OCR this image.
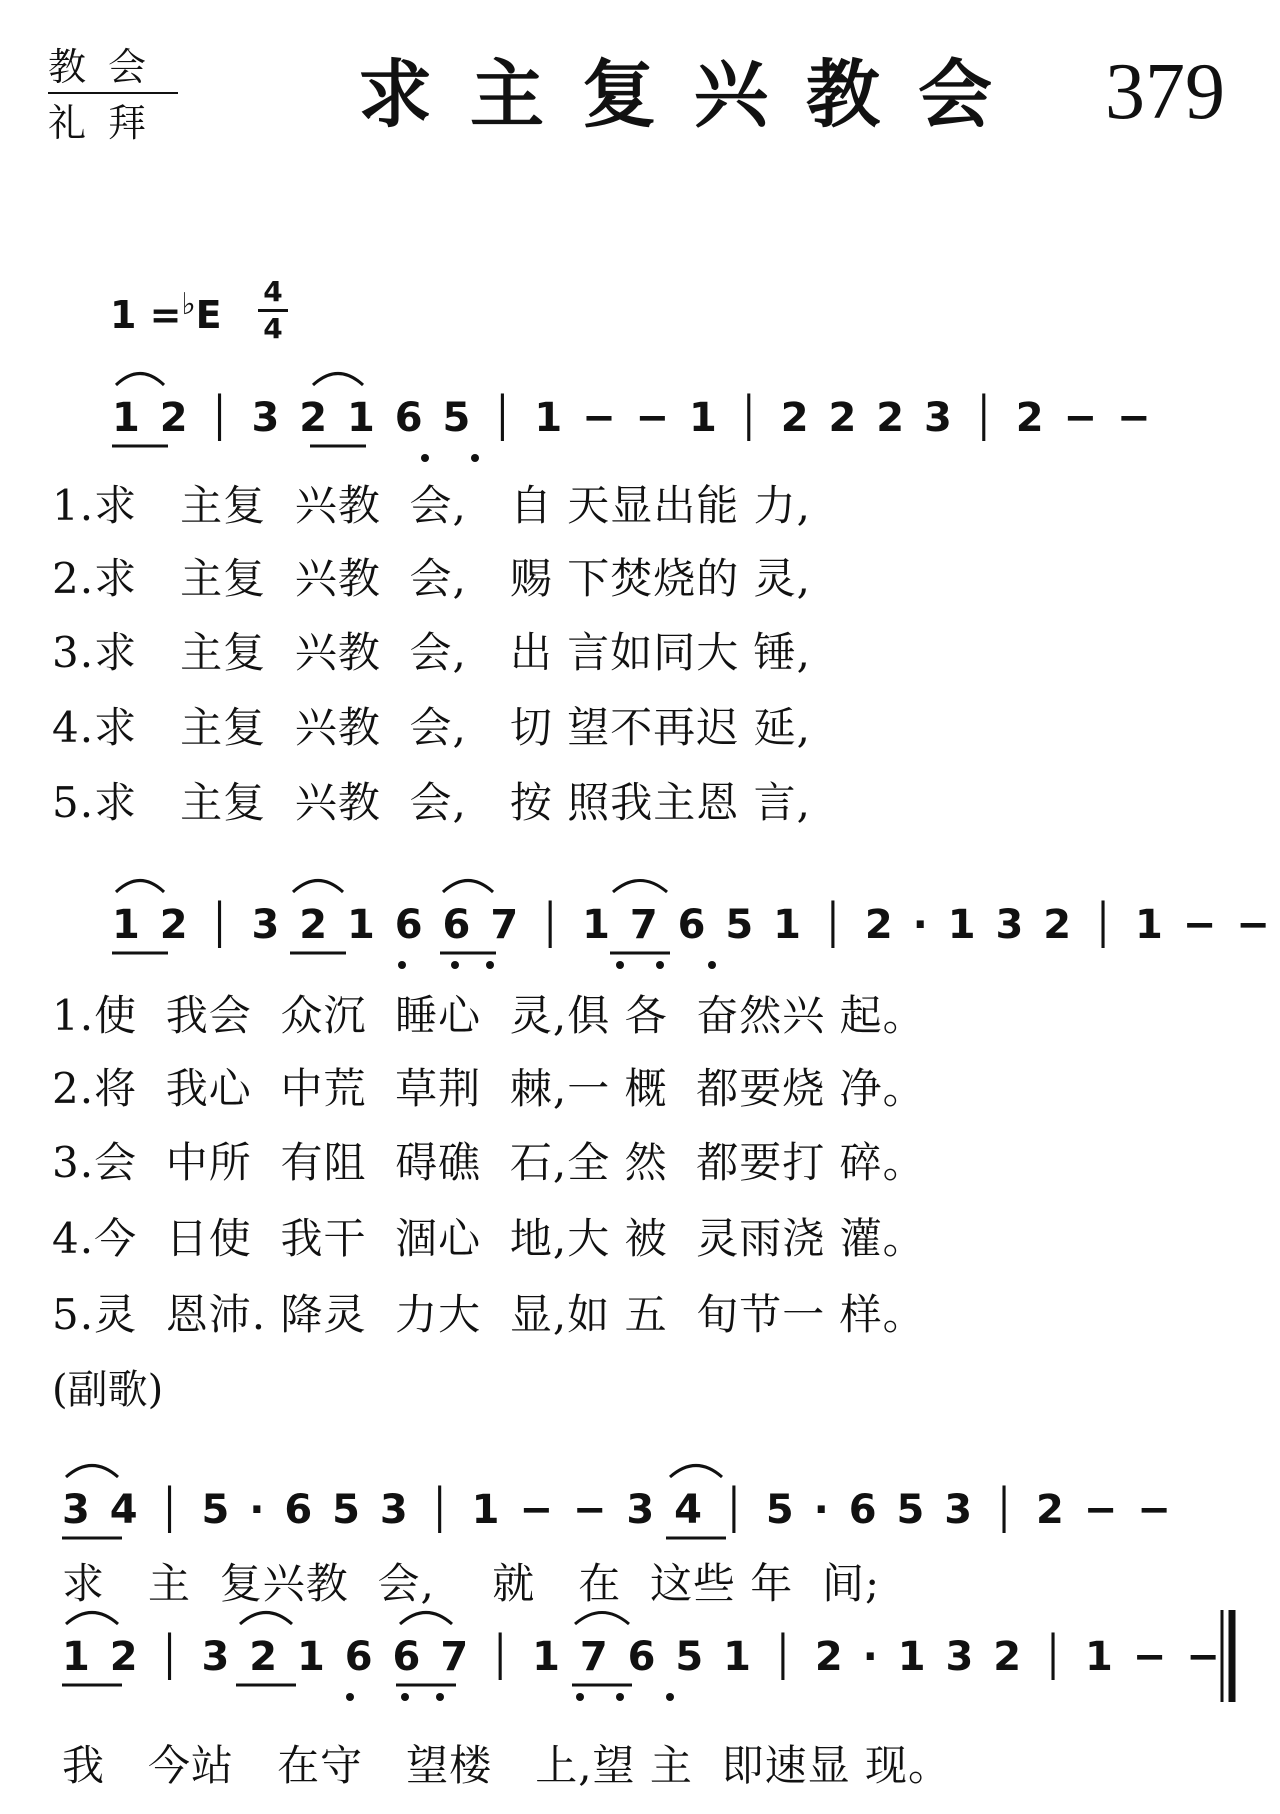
教会
礼拜	求主复兴教会 379
1 =♭E
4
4
1 2 │ 3 2 1 6 5 │ 1 − − 1 │ 2 2 2 3 │ 2 − −
1.求   主复  兴教  会,   自 天显出能 力,
2.求   主复  兴教  会,   赐 下焚烧的 灵,
3.求   主复  兴教  会,   出 言如同大 锤,
4.求   主复  兴教  会,   切 望不再迟 延,
5.求   主复  兴教  会,   按 照我主恩 言,
1 2 │ 3 2 1 6 6 7 │ 1 7 6 5 1 │ 2 · 1 3 2 │ 1 − −
1.使  我会  众沉  睡心  灵,俱 各  奋然兴 起。
2.将  我心  中荒  草荆  棘,一 概  都要烧 净。
3.会  中所  有阻  碍礁  石,全 然  都要打 碎。
4.今  日使  我干  涸心  地,大 被  灵雨浇 灌。
5.灵  恩沛. 降灵  力大  显,如 五  旬节一 样。
(副歌)
3 4 │ 5 · 6 5 3 │ 1 − − 3 4 │ 5 · 6 5 3 │ 2 − −
求   主  复兴教  会,    就   在  这些 年  间;
1 2 │ 3 2 1 6 6 7 │ 1 7 6 5 1 │ 2 · 1 3 2 │ 1 − −
我   今站   在守   望楼   上,望 主  即速显 现。
